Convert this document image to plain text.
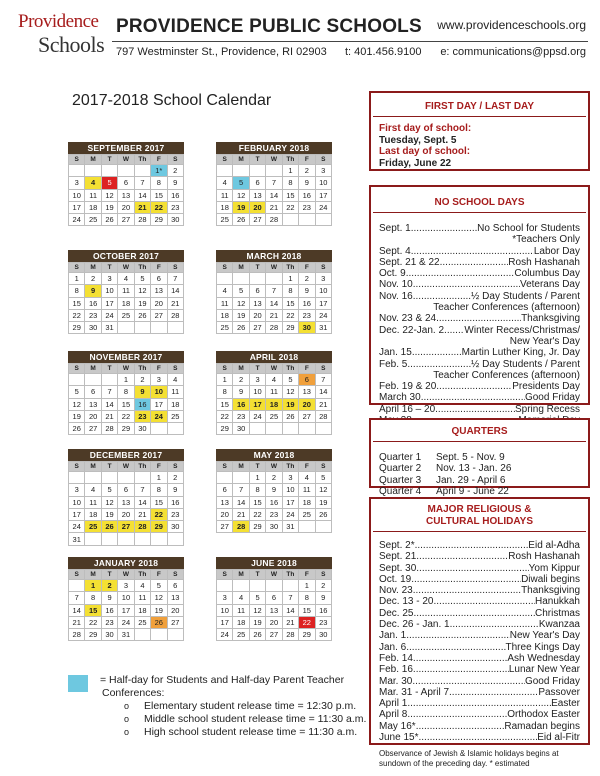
Providence
Schools
PROVIDENCE PUBLIC SCHOOLS www.providenceschools.org
797 Westminster St., Providence, RI 02903 t: 401.456.9100 e: communications@ppsd.org
2017-2018 School Calendar
SEPTEMBER 2017
S	M	T	W	Th	F	S
					1*	2
3	4	5	6	7	8	9
10	11	12	13	14	15	16
17	18	19	20	21	22	23
24	25	26	27	28	29	30
FEBRUARY 2018
S	M	T	W	Th	F	S
				1	2	3
4	5	6	7	8	9	10
11	12	13	14	15	16	17
18	19	20	21	22	23	24
25	26	27	28			
OCTOBER 2017
S	M	T	W	Th	F	S
1	2	3	4	5	6	7
8	9	10	11	12	13	14
15	16	17	18	19	20	21
22	23	24	25	26	27	28
29	30	31				
MARCH 2018
S	M	T	W	Th	F	S
				1	2	3
4	5	6	7	8	9	10
11	12	13	14	15	16	17
18	19	20	21	22	23	24
25	26	27	28	29	30	31
NOVEMBER 2017
S	M	T	W	Th	F	S
			1	2	3	4
5	6	7	8	9	10	11
12	13	14	15	16	17	18
19	20	21	22	23	24	25
26	27	28	29	30		
APRIL 2018
S	M	T	W	Th	F	S
1	2	3	4	5	6	7
8	9	10	11	12	13	14
15	16	17	18	19	20	21
22	23	24	25	26	27	28
29	30					
DECEMBER 2017
S	M	T	W	Th	F	S
					1	2
3	4	5	6	7	8	9
10	11	12	13	14	15	16
17	18	19	20	21	22	23
24	25	26	27	28	29	30
31						
MAY 2018
S	M	T	W	Th	F	S
		1	2	3	4	5
6	7	8	9	10	11	12
13	14	15	16	17	18	19
20	21	22	23	24	25	26
27	28	29	30	31		
JANUARY 2018
S	M	T	W	Th	F	S
	1	2	3	4	5	6
7	8	9	10	11	12	13
14	15	16	17	18	19	20
21	22	23	24	25	26	27
28	29	30	31			
JUNE 2018
S	M	T	W	Th	F	S
					1	2
3	4	5	6	7	8	9
10	11	12	13	14	15	16
17	18	19	20	21	22	23
24	25	26	27	28	29	30
= Half-day for Students and Half-day Parent Teacher
Conferences:
o Elementary student release time = 12:30 p.m.
o Middle school student release time = 11:30 a.m.
o High school student release time = 11:30 a.m.
FIRST DAY / LAST DAY
First day of school:
Tuesday, Sept. 5
Last day of school:
Friday, June 22
NO SCHOOL DAYS
Sept. 1 .....	No School for Students
*Teachers Only
Sept. 4 .....	Labor Day
Sept. 21 & 22 .....	Rosh Hashanah
Oct. 9 .....	Columbus Day
Nov. 10 .....	Veterans Day
Nov. 16 .....	½ Day Students / Parent
Teacher Conferences (afternoon)
Nov. 23 & 24 .....	Thanksgiving
Dec. 22-Jan. 2 ..... Winter Recess/Christmas/
New Year's Day
Jan. 15 .....	Martin Luther King, Jr. Day
Feb. 5 .....	½ Day Students / Parent
Teacher Conferences (afternoon)
Feb. 19 & 20 .....	Presidents Day
March 30 .....	Good Friday
April 16 – 20 .....	Spring Recess
.....
QUARTERS
Quarter 1 Sept. 5 - Nov. 9
Quarter 2 Nov. 13 - Jan. 26
Quarter 3 Jan. 29 - April 6
Quarter 4 April 9 - June 22
MAJOR RELIGIOUS &
CULTURAL HOLIDAYS
Sept. 2* .....	Eid al-Adha
Sept. 21 .....	Rosh Hashanah
Sept. 30 .....	Yom Kippur
Oct. 19 .....	Diwali begins
Nov. 23 .....	Thanksgiving
Dec. 13 - 20 .....	Hanukkah
Dec. 25 .....	Christmas
Dec. 26 - Jan. 1 .....	Kwanzaa
Jan. 1 .....	New Year's Day
Jan. 6 .....	Three Kings Day
Feb. 14 .....	Ash Wednesday
Feb. 16 .....	Lunar New Year
Mar. 30 .....	Good Friday
Mar. 31 - April 7 .....	Passover
April 1 .....	Easter
April 8 .....	Orthodox Easter
May 16* .....	Ramadan begins
June 15* .....	Eid al-Fitr
Observance of Jewish & Islamic holidays begins at sundown of the preceding day. * estimated
